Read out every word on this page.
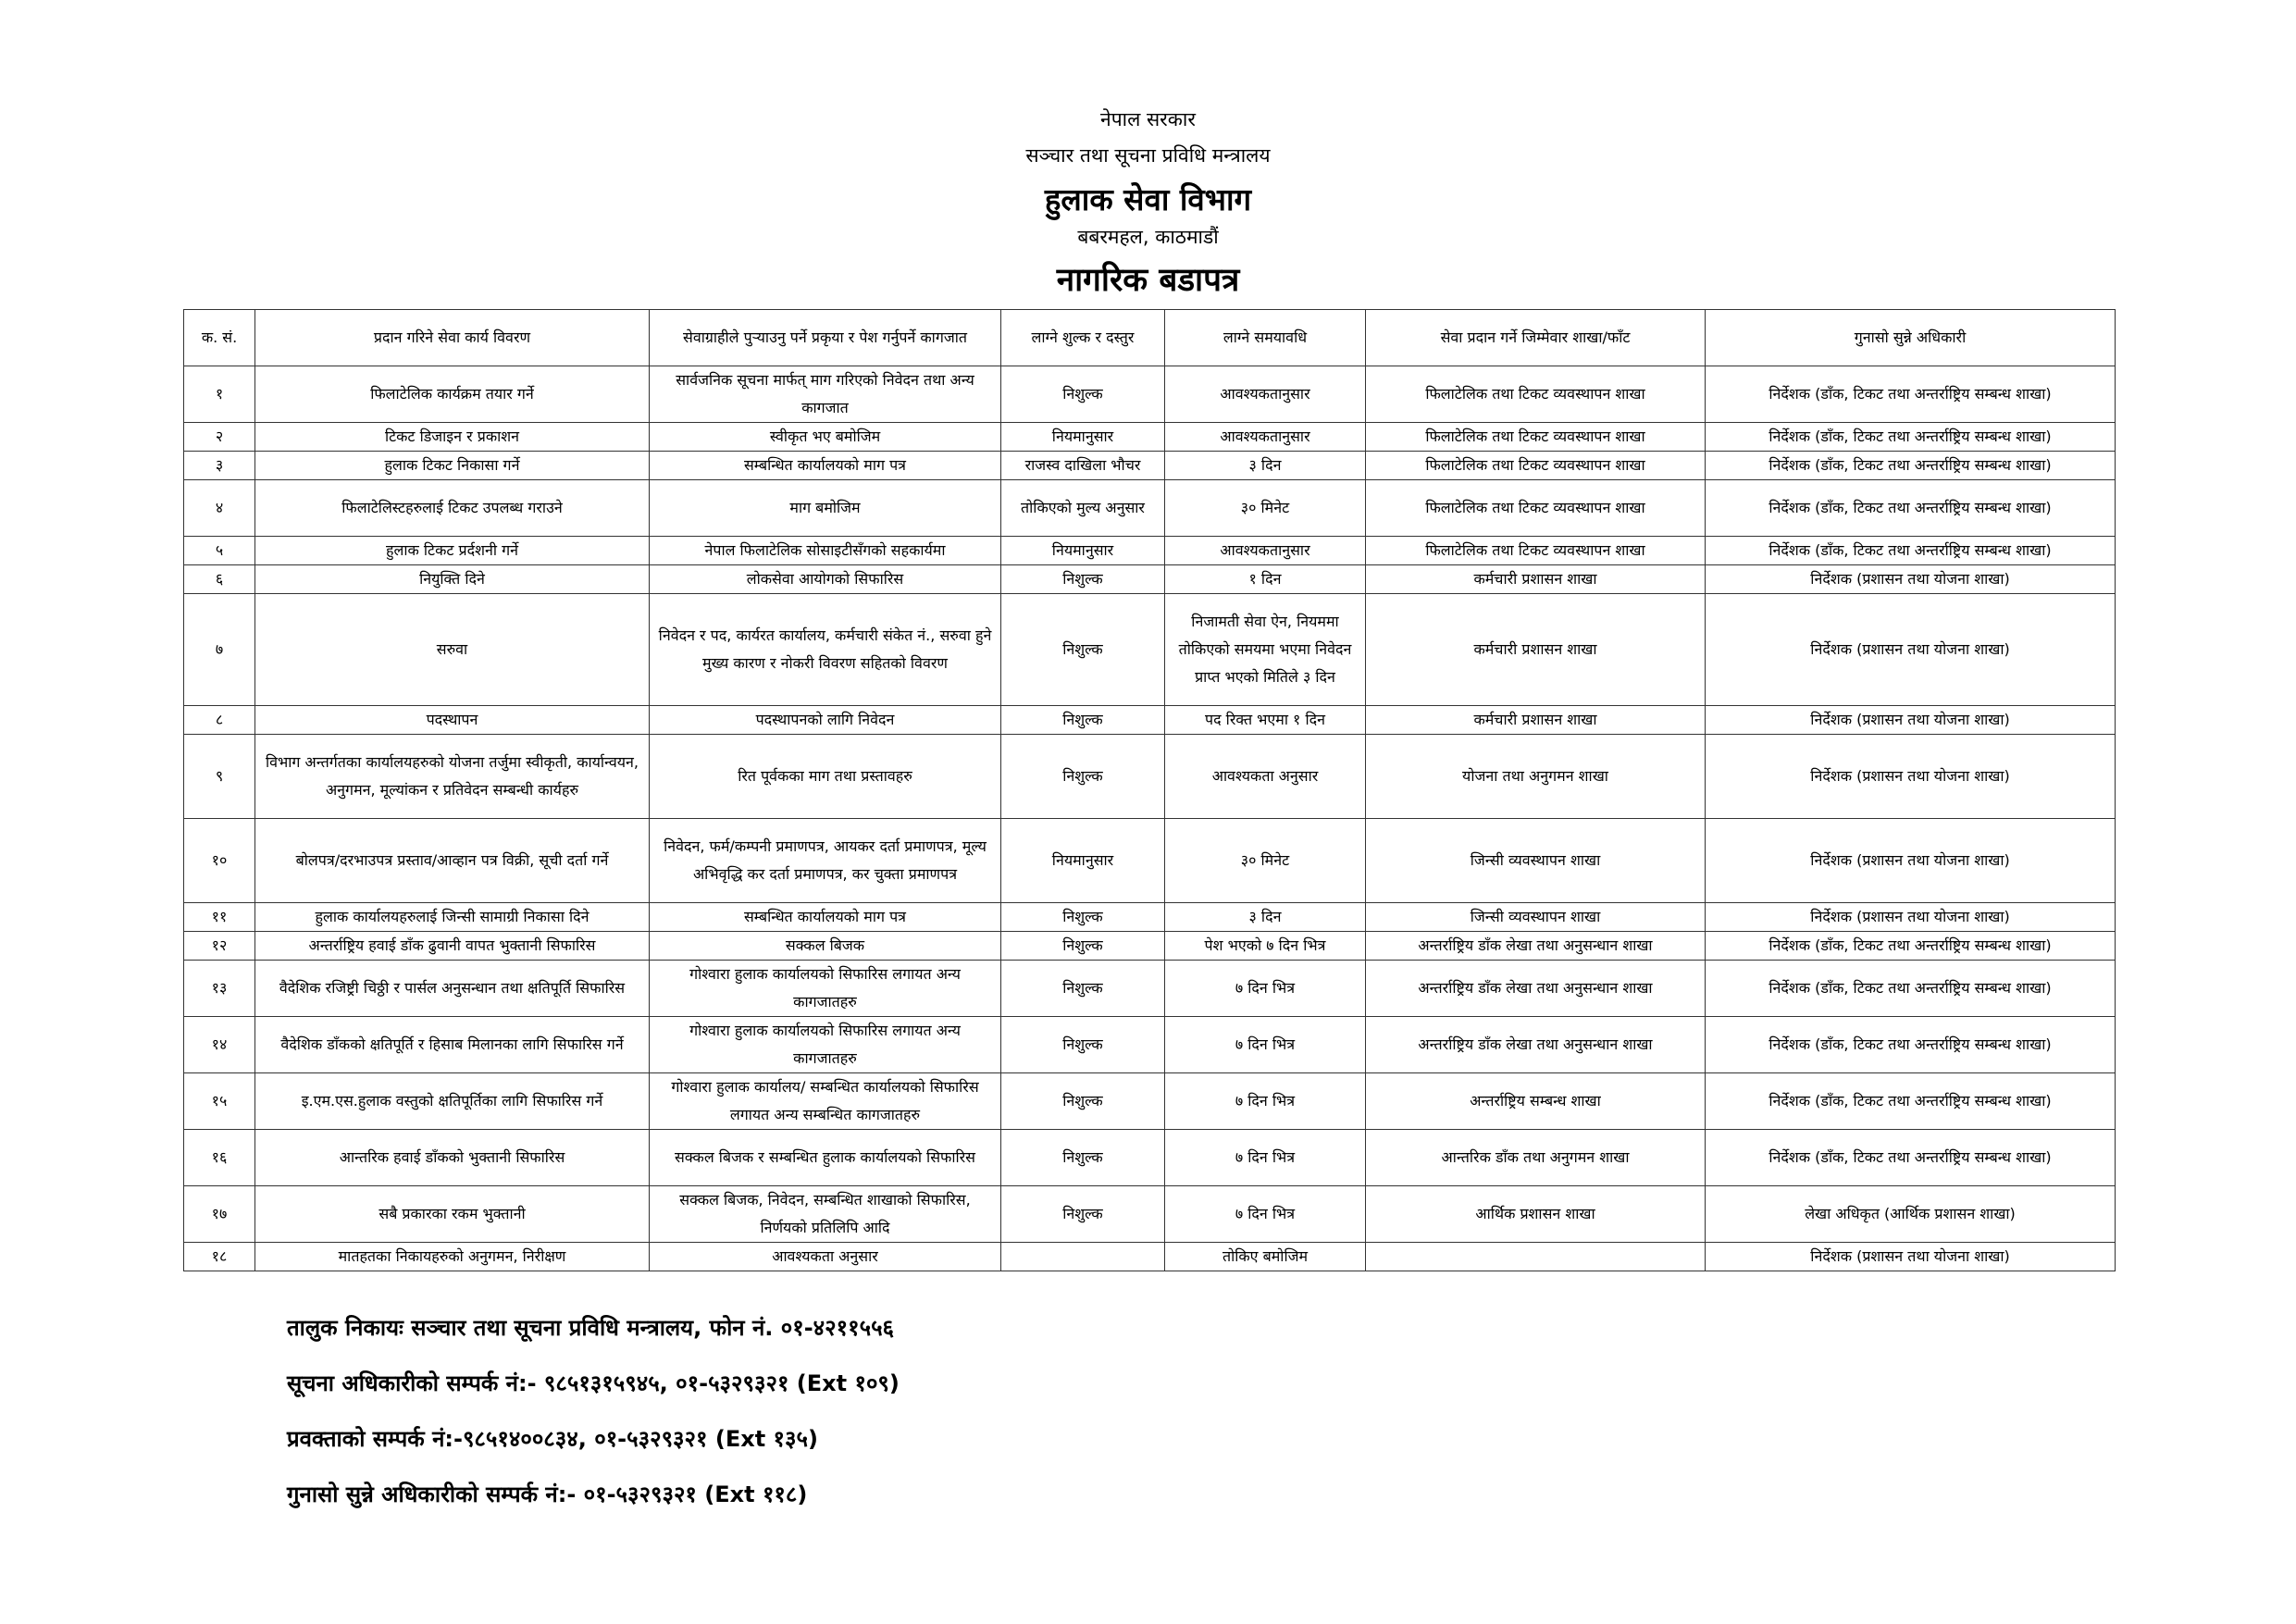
नेपाल सरकार
सञ्चार तथा सूचना प्रविधि मन्त्रालय
हुलाक सेवा विभाग
बबरमहल, काठमाडौं
नागरिक बडापत्र
क. सं.	प्रदान गरिने सेवा कार्य विवरण	सेवाग्राहीले पुऱ्याउनु पर्ने प्रकृया र पेश गर्नुपर्ने कागजात	लाग्ने शुल्क र दस्तुर	लाग्ने समयावधि	सेवा प्रदान गर्ने जिम्मेवार शाखा/फाँट	गुनासो सुन्ने अधिकारी
१	फिलाटेलिक कार्यक्रम तयार गर्ने	सार्वजनिक सूचना मार्फत् माग गरिएको निवेदन तथा अन्य कागजात	निशुल्क	आवश्यकतानुसार	फिलाटेलिक तथा टिकट व्यवस्थापन शाखा	निर्देशक (डाँक, टिकट तथा अन्तर्राष्ट्रिय सम्बन्ध शाखा)
२	टिकट डिजाइन र प्रकाशन	स्वीकृत भए बमोजिम	नियमानुसार	आवश्यकतानुसार	फिलाटेलिक तथा टिकट व्यवस्थापन शाखा	निर्देशक (डाँक, टिकट तथा अन्तर्राष्ट्रिय सम्बन्ध शाखा)
३	हुलाक टिकट निकासा गर्ने	सम्बन्धित कार्यालयको माग पत्र	राजस्व दाखिला भौचर	३ दिन	फिलाटेलिक तथा टिकट व्यवस्थापन शाखा	निर्देशक (डाँक, टिकट तथा अन्तर्राष्ट्रिय सम्बन्ध शाखा)
४	फिलाटेलिस्टहरुलाई टिकट उपलब्ध गराउने	माग बमोजिम	तोकिएको मुल्य अनुसार	३० मिनेट	फिलाटेलिक तथा टिकट व्यवस्थापन शाखा	निर्देशक (डाँक, टिकट तथा अन्तर्राष्ट्रिय सम्बन्ध शाखा)
५	हुलाक टिकट प्रर्दशनी गर्ने	नेपाल फिलाटेलिक सोसाइटीसँगको सहकार्यमा	नियमानुसार	आवश्यकतानुसार	फिलाटेलिक तथा टिकट व्यवस्थापन शाखा	निर्देशक (डाँक, टिकट तथा अन्तर्राष्ट्रिय सम्बन्ध शाखा)
६	नियुक्ति दिने	लोकसेवा आयोगको सिफारिस	निशुल्क	१ दिन	कर्मचारी प्रशासन शाखा	निर्देशक (प्रशासन तथा योजना शाखा)
७	सरुवा	निवेदन र पद, कार्यरत कार्यालय, कर्मचारी संकेत नं., सरुवा हुने मुख्य कारण र नोकरी विवरण सहितको विवरण	निशुल्क	निजामती सेवा ऐन, नियममा तोकिएको समयमा भएमा निवेदन प्राप्त भएको मितिले ३ दिन	कर्मचारी प्रशासन शाखा	निर्देशक (प्रशासन तथा योजना शाखा)
८	पदस्थापन	पदस्थापनको लागि निवेदन	निशुल्क	पद रिक्त भएमा १ दिन	कर्मचारी प्रशासन शाखा	निर्देशक (प्रशासन तथा योजना शाखा)
९	विभाग अन्तर्गतका कार्यालयहरुको योजना तर्जुमा स्वीकृती, कार्यान्वयन, अनुगमन, मूल्यांकन र प्रतिवेदन सम्बन्धी कार्यहरु	रित पूर्वकका माग तथा प्रस्तावहरु	निशुल्क	आवश्यकता अनुसार	योजना तथा अनुगमन शाखा	निर्देशक (प्रशासन तथा योजना शाखा)
१०	बोलपत्र/दरभाउपत्र प्रस्ताव/आव्हान पत्र विक्री, सूची दर्ता गर्ने	निवेदन, फर्म/कम्पनी प्रमाणपत्र, आयकर दर्ता प्रमाणपत्र, मूल्य अभिवृद्धि कर दर्ता प्रमाणपत्र, कर चुक्ता प्रमाणपत्र	नियमानुसार	३० मिनेट	जिन्सी व्यवस्थापन शाखा	निर्देशक (प्रशासन तथा योजना शाखा)
११	हुलाक कार्यालयहरुलाई जिन्सी सामाग्री निकासा दिने	सम्बन्धित कार्यालयको माग पत्र	निशुल्क	३ दिन	जिन्सी व्यवस्थापन शाखा	निर्देशक (प्रशासन तथा योजना शाखा)
१२	अन्तर्राष्ट्रिय हवाई डाँक ढुवानी वापत भुक्तानी सिफारिस	सक्कल बिजक	निशुल्क	पेश भएको ७ दिन भित्र	अन्तर्राष्ट्रिय डाँक लेखा तथा अनुसन्धान शाखा	निर्देशक (डाँक, टिकट तथा अन्तर्राष्ट्रिय सम्बन्ध शाखा)
१३	वैदेशिक रजिष्ट्री चिठ्ठी र पार्सल अनुसन्धान तथा क्षतिपूर्ति सिफारिस	गोश्वारा हुलाक कार्यालयको सिफारिस लगायत अन्य कागजातहरु	निशुल्क	७ दिन भित्र	अन्तर्राष्ट्रिय डाँक लेखा तथा अनुसन्धान शाखा	निर्देशक (डाँक, टिकट तथा अन्तर्राष्ट्रिय सम्बन्ध शाखा)
१४	वैदेशिक डाँकको क्षतिपूर्ति र हिसाब मिलानका लागि सिफारिस गर्ने	गोश्वारा हुलाक कार्यालयको सिफारिस लगायत अन्य कागजातहरु	निशुल्क	७ दिन भित्र	अन्तर्राष्ट्रिय डाँक लेखा तथा अनुसन्धान शाखा	निर्देशक (डाँक, टिकट तथा अन्तर्राष्ट्रिय सम्बन्ध शाखा)
१५	इ.एम.एस.हुलाक वस्तुको क्षतिपूर्तिका लागि सिफारिस गर्ने	गोश्वारा हुलाक कार्यालय/ सम्बन्धित कार्यालयको सिफारिस लगायत अन्य सम्बन्धित कागजातहरु	निशुल्क	७ दिन भित्र	अन्तर्राष्ट्रिय सम्बन्ध शाखा	निर्देशक (डाँक, टिकट तथा अन्तर्राष्ट्रिय सम्बन्ध शाखा)
१६	आन्तरिक हवाई डाँकको भुक्तानी सिफारिस	सक्कल बिजक र सम्बन्धित हुलाक कार्यालयको सिफारिस	निशुल्क	७ दिन भित्र	आन्तरिक डाँक तथा अनुगमन शाखा	निर्देशक (डाँक, टिकट तथा अन्तर्राष्ट्रिय सम्बन्ध शाखा)
१७	सबै प्रकारका रकम भुक्तानी	सक्कल बिजक, निवेदन, सम्बन्धित शाखाको सिफारिस, निर्णयको प्रतिलिपि आदि	निशुल्क	७ दिन भित्र	आर्थिक प्रशासन शाखा	लेखा अधिकृत (आर्थिक प्रशासन शाखा)
१८	मातहतका निकायहरुको अनुगमन, निरीक्षण	आवश्यकता अनुसार		तोकिए बमोजिम		निर्देशक (प्रशासन तथा योजना शाखा)
तालुक निकायः सञ्चार तथा सूचना प्रविधि मन्त्रालय, फोन नं. ०१-४२११५५६
सूचना अधिकारीको सम्पर्क नं:- ९८५१३१५९४५, ०१-५३२९३२१ (Ext १०९)
प्रवक्ताको सम्पर्क नं:-९८५१४००८३४, ०१-५३२९३२१ (Ext १३५)
गुनासो सुन्ने अधिकारीको सम्पर्क नं:- ०१-५३२९३२१ (Ext ११८)
